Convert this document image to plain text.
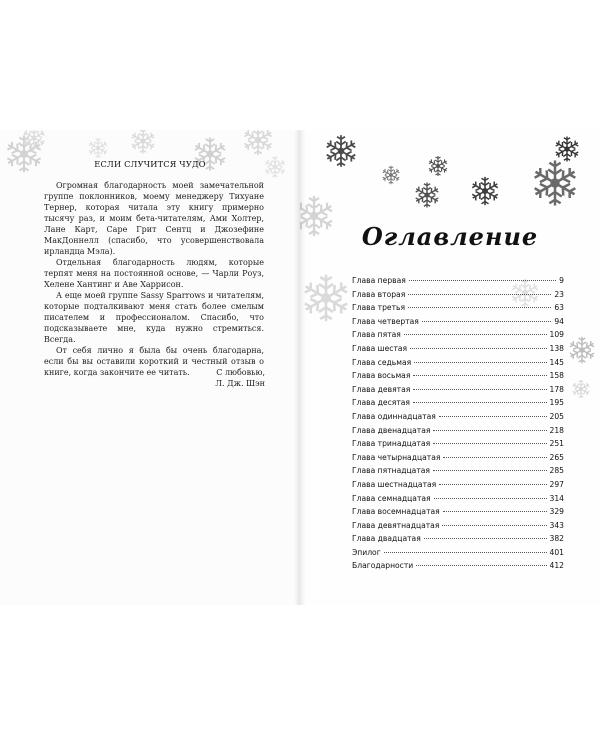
ЕСЛИ СЛУЧИТСЯ ЧУДО

Огромная благодарность моей замечательной группе поклонников, моему менеджеру Тихуане Тернер, которая читала эту книгу примерно тысячу раз, и моим бета-читателям, Ами Холтер, Лане Карт, Саре Грит Сентц и Джозефине МакДоннелл (спасибо, что усовершенствовала ирландца Мэла).

Отдельная благодарность людям, которые терпят меня на постоянной основе, — Чарли Роуз, Хелене Хантинг и Аве Харрисон.

А еще моей группе Sassy Sparrows и читателям, которые подталкивают меня стать более смелым писателем и профессионалом. Спасибо, что подсказываете мне, куда нужно стремиться. Всегда.

От себя лично я была бы очень благодарна, если бы вы оставили короткий и честный отзыв о книге, когда закончите ее читать.	С любовью,
Л. Дж. Шэн
Оглавление
Глава первая	9
Глава вторая	23
Глава третья	63
Глава четвертая	94
Глава пятая	109
Глава шестая	138
Глава седьмая	145
Глава восьмая	158
Глава девятая	178
Глава десятая	195
Глава одиннадцатая	205
Глава двенадцатая	218
Глава тринадцатая	251
Глава четырнадцатая	265
Глава пятнадцатая	285
Глава шестнадцатая	297
Глава семнадцатая	314
Глава восемнадцатая	329
Глава девятнадцатая	343
Глава двадцатая	382
Эпилог	401
Благодарности	412
